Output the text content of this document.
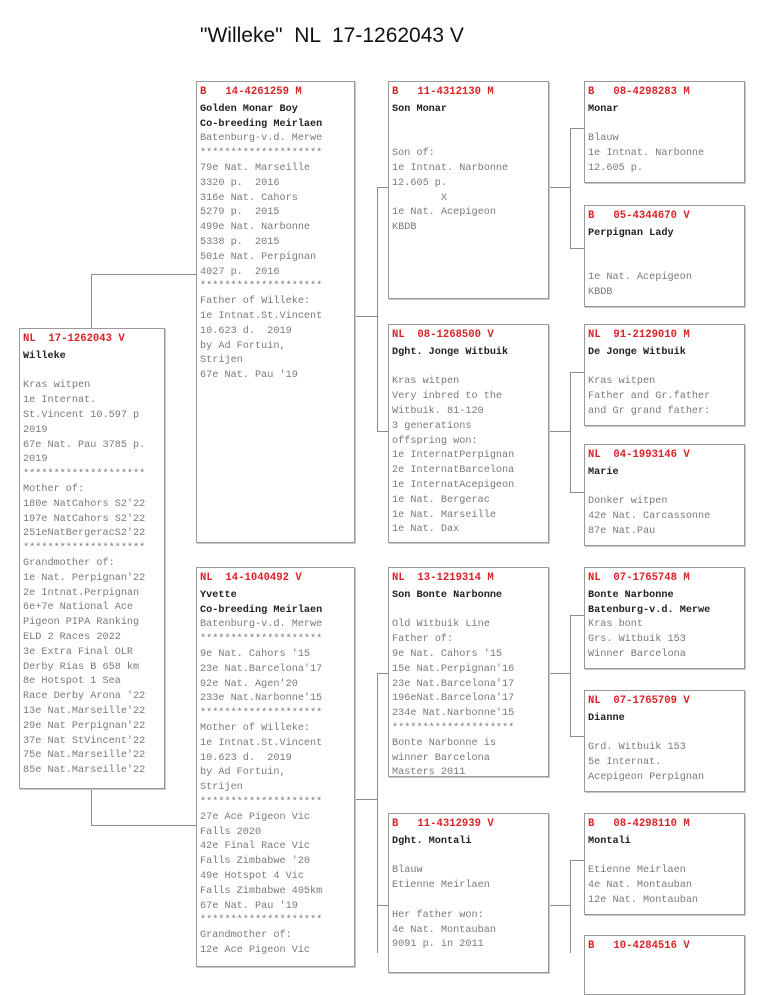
"Willeke"  NL  17-1262043 V
NL  17-1262043 V
Willeke
Kras witpen
1e Internat.
St.Vincent 10.597 p
2019
67e Nat. Pau 3785 p.
2019
********************
Mother of:
180e NatCahors S2'22
197e NatCahors S2'22
251eNatBergeracS2'22
********************
Grandmother of:
1e Nat. Perpignan'22
2e Intnat.Perpignan
6e+7e National Ace
Pigeon PIPA Ranking
ELD 2 Races 2022
3e Extra Final OLR
Derby Rias B 658 km
8e Hotspot 1 Sea
Race Derby Arona '22
13e Nat.Marseille'22
29e Nat Perpignan'22
37e Nat StVincent'22
75e Nat.Marseille'22
85e Nat.Marseille'22
B   14-4261259 M
Golden Monar Boy
Co-breeding Meirlaen
Batenburg-v.d. Merwe
********************
79e Nat. Marseille
3320 p.  2016
316e Nat. Cahors
5279 p.  2015
499e Nat. Narbonne
5338 p.  2015
501e Nat. Perpignan
4027 p.  2016
********************
Father of Willeke:
1e Intnat.St.Vincent
10.623 d.  2019
by Ad Fortuin,
Strijen
67e Nat. Pau '19
NL  14-1040492 V
Yvette
Co-breeding Meirlaen
Batenburg-v.d. Merwe
********************
9e Nat. Cahors '15
23e Nat.Barcelona'17
92e Nat. Agen'20
233e Nat.Narbonne'15
********************
Mother of Willeke:
1e Intnat.St.Vincent
10.623 d.  2019
by Ad Fortuin,
Strijen
********************
27e Ace Pigeon Vic
Falls 2020
42e Final Race Vic
Falls Zimbabwe '20
49e Hotspot 4 Vic
Falls Zimbabwe 405km
67e Nat. Pau '19
********************
Grandmother of:
12e Ace Pigeon Vic
B   11-4312130 M
Son Monar
Son of:
1e Intnat. Narbonne
12.605 p.
X
1e Nat. Acepigeon
KBDB
NL  08-1268500 V
Dght. Jonge Witbuik
Kras witpen
Very inbred to the
Witbuik. 81-120
3 generations
offspring won:
1e InternatPerpignan
2e InternatBarcelona
1e InternatAcepigeon
1e Nat. Bergerac
1e Nat. Marseille
1e Nat. Dax
NL  13-1219314 M
Son Bonte Narbonne
Old Witbuik Line
Father of:
9e Nat. Cahors '15
15e Nat.Perpignan'16
23e Nat.Barcelona'17
196eNat.Barcelona'17
234e Nat.Narbonne'15
********************
Bonte Narbonne is
winner Barcelona
Masters 2011
B   11-4312939 V
Dght. Montali
Blauw
Etienne Meirlaen
Her father won:
4e Nat. Montauban
9091 p. in 2011
B   08-4298283 M
Monar
Blauw
1e Intnat. Narbonne
12.605 p.
B   05-4344670 V
Perpignan Lady
1e Nat. Acepigeon
KBDB
NL  91-2129010 M
De Jonge Witbuik
Kras witpen
Father and Gr.father
and Gr grand father:
NL  04-1993146 V
Marie
Donker witpen
42e Nat. Carcassonne
87e Nat.Pau
NL  07-1765748 M
Bonte Narbonne
Batenburg-v.d. Merwe
Kras bont
Grs. Witbuik 153
Winner Barcelona
NL  07-1765709 V
Dianne
Grd. Witbuik 153
5e Internat.
Acepigeon Perpignan
B   08-4298110 M
Montali
Etienne Meirlaen
4e Nat. Montauban
12e Nat. Montauban
B   10-4284516 V
